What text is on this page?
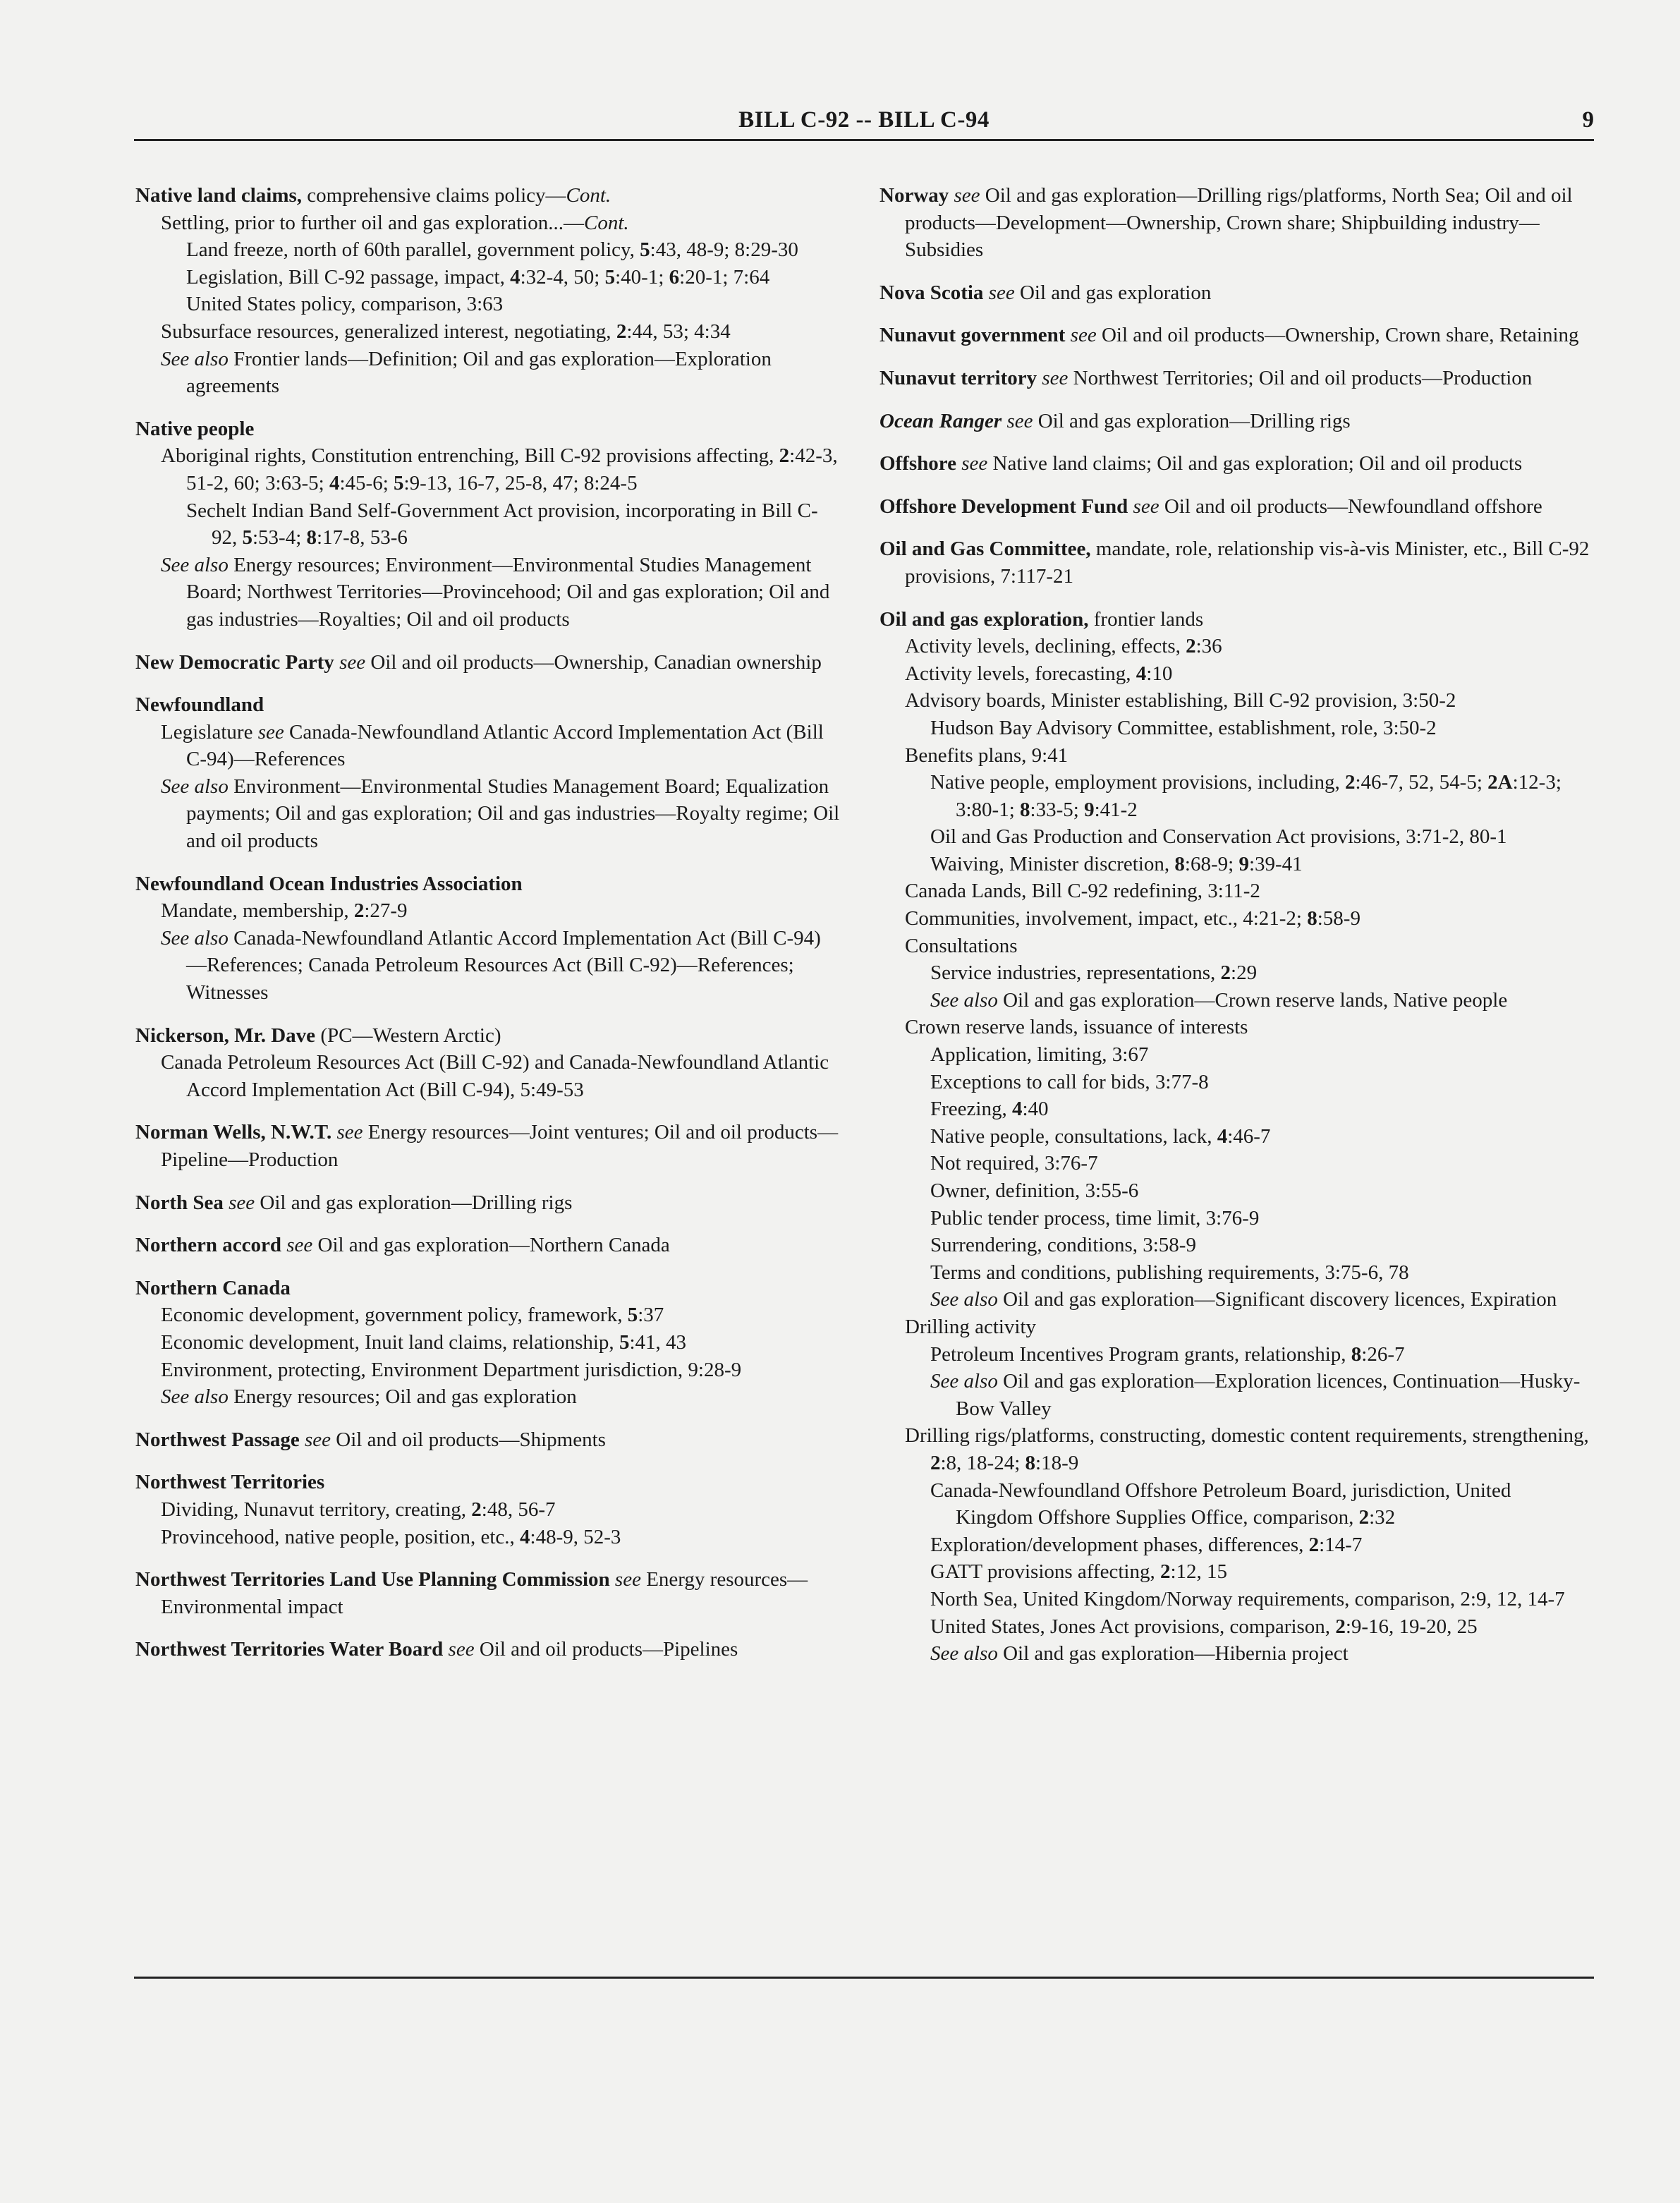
BILL C-92 -- BILL C-94	9
Native land claims, comprehensive claims policy—Cont.
Settling, prior to further oil and gas exploration...—Cont.
Land freeze, north of 60th parallel, government policy, 5:43, 48-9; 8:29-30
Legislation, Bill C-92 passage, impact, 4:32-4, 50; 5:40-1; 6:20-1; 7:64
United States policy, comparison, 3:63
Subsurface resources, generalized interest, negotiating, 2:44, 53; 4:34
See also Frontier lands—Definition; Oil and gas exploration—Exploration agreements
Native people
Aboriginal rights, Constitution entrenching, Bill C-92 provisions affecting, 2:42-3, 51-2, 60; 3:63-5; 4:45-6; 5:9-13, 16-7, 25-8, 47; 8:24-5
Sechelt Indian Band Self-Government Act provision, incorporating in Bill C-92, 5:53-4; 8:17-8, 53-6
See also Energy resources; Environment—Environmental Studies Management Board; Northwest Territories—Provincehood; Oil and gas exploration; Oil and gas industries—Royalties; Oil and oil products
New Democratic Party see Oil and oil products—Ownership, Canadian ownership
Newfoundland
Legislature see Canada-Newfoundland Atlantic Accord Implementation Act (Bill C-94)—References
See also Environment—Environmental Studies Management Board; Equalization payments; Oil and gas exploration; Oil and gas industries—Royalty regime; Oil and oil products
Newfoundland Ocean Industries Association
Mandate, membership, 2:27-9
See also Canada-Newfoundland Atlantic Accord Implementation Act (Bill C-94)—References; Canada Petroleum Resources Act (Bill C-92)—References; Witnesses
Nickerson, Mr. Dave (PC—Western Arctic)
Canada Petroleum Resources Act (Bill C-92) and Canada-Newfoundland Atlantic Accord Implementation Act (Bill C-94), 5:49-53
Norman Wells, N.W.T. see Energy resources—Joint ventures; Oil and oil products—Pipeline—Production
North Sea see Oil and gas exploration—Drilling rigs
Northern accord see Oil and gas exploration—Northern Canada
Northern Canada
Economic development, government policy, framework, 5:37
Economic development, Inuit land claims, relationship, 5:41, 43
Environment, protecting, Environment Department jurisdiction, 9:28-9
See also Energy resources; Oil and gas exploration
Northwest Passage see Oil and oil products—Shipments
Northwest Territories
Dividing, Nunavut territory, creating, 2:48, 56-7
Provincehood, native people, position, etc., 4:48-9, 52-3
Northwest Territories Land Use Planning Commission see Energy resources—Environmental impact
Northwest Territories Water Board see Oil and oil products—Pipelines
Norway see Oil and gas exploration—Drilling rigs/platforms, North Sea; Oil and oil products—Development—Ownership, Crown share; Shipbuilding industry—Subsidies
Nova Scotia see Oil and gas exploration
Nunavut government see Oil and oil products—Ownership, Crown share, Retaining
Nunavut territory see Northwest Territories; Oil and oil products—Production
Ocean Ranger see Oil and gas exploration—Drilling rigs
Offshore see Native land claims; Oil and gas exploration; Oil and oil products
Offshore Development Fund see Oil and oil products—Newfoundland offshore
Oil and Gas Committee, mandate, role, relationship vis-à-vis Minister, etc., Bill C-92 provisions, 7:117-21
Oil and gas exploration, frontier lands
Activity levels, declining, effects, 2:36
Activity levels, forecasting, 4:10
Advisory boards, Minister establishing, Bill C-92 provision, 3:50-2
Hudson Bay Advisory Committee, establishment, role, 3:50-2
Benefits plans, 9:41
Native people, employment provisions, including, 2:46-7, 52, 54-5; 2A:12-3; 3:80-1; 8:33-5; 9:41-2
Oil and Gas Production and Conservation Act provisions, 3:71-2, 80-1
Waiving, Minister discretion, 8:68-9; 9:39-41
Canada Lands, Bill C-92 redefining, 3:11-2
Communities, involvement, impact, etc., 4:21-2; 8:58-9
Consultations
Service industries, representations, 2:29
See also Oil and gas exploration—Crown reserve lands, Native people
Crown reserve lands, issuance of interests
Application, limiting, 3:67
Exceptions to call for bids, 3:77-8
Freezing, 4:40
Native people, consultations, lack, 4:46-7
Not required, 3:76-7
Owner, definition, 3:55-6
Public tender process, time limit, 3:76-9
Surrendering, conditions, 3:58-9
Terms and conditions, publishing requirements, 3:75-6, 78
See also Oil and gas exploration—Significant discovery licences, Expiration
Drilling activity
Petroleum Incentives Program grants, relationship, 8:26-7
See also Oil and gas exploration—Exploration licences, Continuation—Husky-Bow Valley
Drilling rigs/platforms, constructing, domestic content requirements, strengthening, 2:8, 18-24; 8:18-9
Canada-Newfoundland Offshore Petroleum Board, jurisdiction, United Kingdom Offshore Supplies Office, comparison, 2:32
Exploration/development phases, differences, 2:14-7
GATT provisions affecting, 2:12, 15
North Sea, United Kingdom/Norway requirements, comparison, 2:9, 12, 14-7
United States, Jones Act provisions, comparison, 2:9-16, 19-20, 25
See also Oil and gas exploration—Hibernia project
